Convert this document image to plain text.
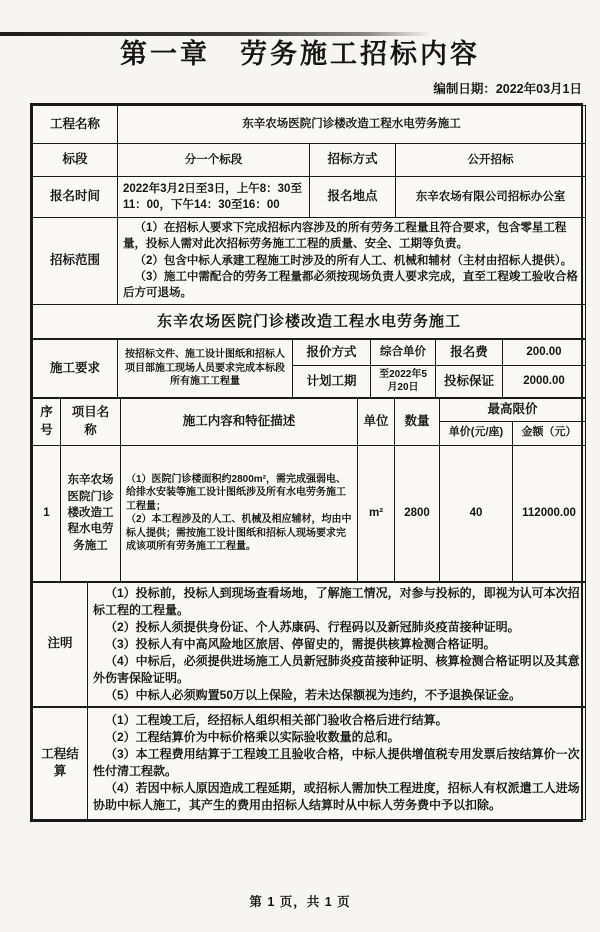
第一章　劳务施工招标内容
编制日期：2022年03月1日
工程名称	东辛农场医院门诊楼改造工程水电劳务施工		
标段	分一个标段	招标方式	公开招标
报名时间	2022年3月2日至3日，上午8：30至11：00，下午14：30至16：00	报名地点	东辛农场有限公司招标办公室
招标范围	（1）在招标人要求下完成招标内容涉及的所有劳务工程量且符合要求，包含零星工程量，投标人需对此次招标劳务施工工程的质量、安全、工期等负责。

（2）包含中标人承建工程施工时涉及的所有人工、机械和辅材（主材由招标人提供）。

（3）施工中需配合的劳务工程量都必须按现场负责人要求完成，直至工程竣工验收合格后方可退场。		

东辛农场医院门诊楼改造工程水电劳务施工			
施工要求	按招标文件、施工设计图纸和招标人项目部施工现场人员要求完成本标段所有施工工程量	报价方式	综合单价	报名费	200.00
		计划工期	至2022年5月20日	投标保证	2000.00
序号	项目名称	施工内容和特征描述	单位	数量	最高限价	
					单价(元/座)	金额（元）
1	东辛农场医院门诊楼改造工程水电劳务施工	（1）医院门诊楼面积约2800m²，需完成强弱电、给排水安装等施工设计图纸涉及所有水电劳务施工工程量；

（2）本工程涉及的人工、机械及相应辅材，均由中标人提供；需按施工设计图纸和招标人现场要求完成该项所有劳务施工工程量。	m²	2800	40	112000.00
注明	

（1）投标前，投标人到现场查看场地，了解施工情况，对参与投标的，即视为认可本次招标工程的工程量。

（2）投标人须提供身份证、个人苏康码、行程码以及新冠肺炎疫苗接种证明。

（3）投标人有中高风险地区旅居、停留史的，需提供核算检测合格证明。

（4）中标后，必须提供进场施工人员新冠肺炎疫苗接种证明、核算检测合格证明以及其意外伤害保险证明。

（5）中标人必须购置50万以上保险，若未达保额视为违约，不予退换保证金。

工程结算	

（1）工程竣工后，经招标人组织相关部门验收合格后进行结算。

（2）工程结算价为中标价格乘以实际验收数量的总和。

（3）本工程费用结算于工程竣工且验收合格，中标人提供增值税专用发票后按结算价一次性付清工程款。

（4）若因中标人原因造成工程延期，或招标人需加快工程进度，招标人有权派遣工人进场协助中标人施工，其产生的费用由招标人结算时从中标人劳务费中予以扣除。

第 1 页，共 1 页
